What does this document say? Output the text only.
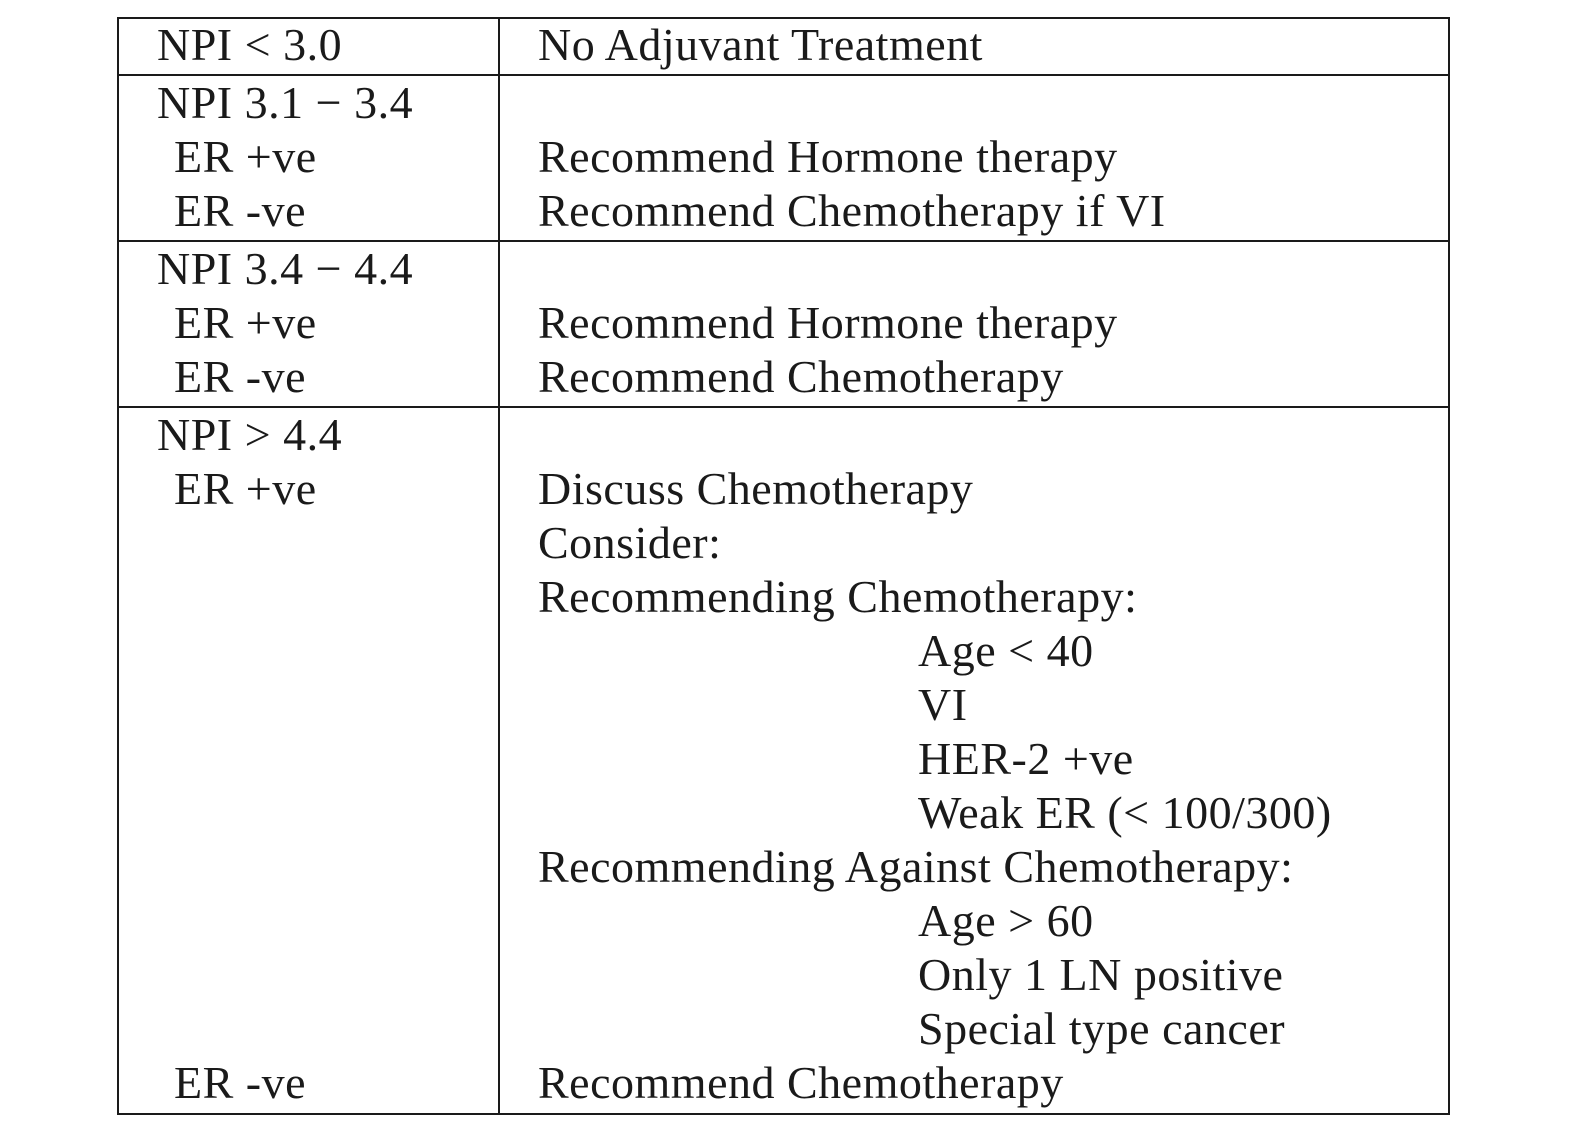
NPI < 3.0	No Adjuvant Treatment
NPI 3.1 − 3.4
ER +ve	Recommend Hormone therapy
ER -ve	Recommend Chemotherapy if VI
NPI 3.4 − 4.4
ER +ve	Recommend Hormone therapy
ER -ve	Recommend Chemotherapy
NPI > 4.4
ER +ve	Discuss Chemotherapy
Consider:
Recommending Chemotherapy:
Age < 40
VI
HER-2 +ve
Weak ER (< 100/300)
Recommending Against Chemotherapy:
Age > 60
Only 1 LN positive
Special type cancer
ER -ve	Recommend Chemotherapy
